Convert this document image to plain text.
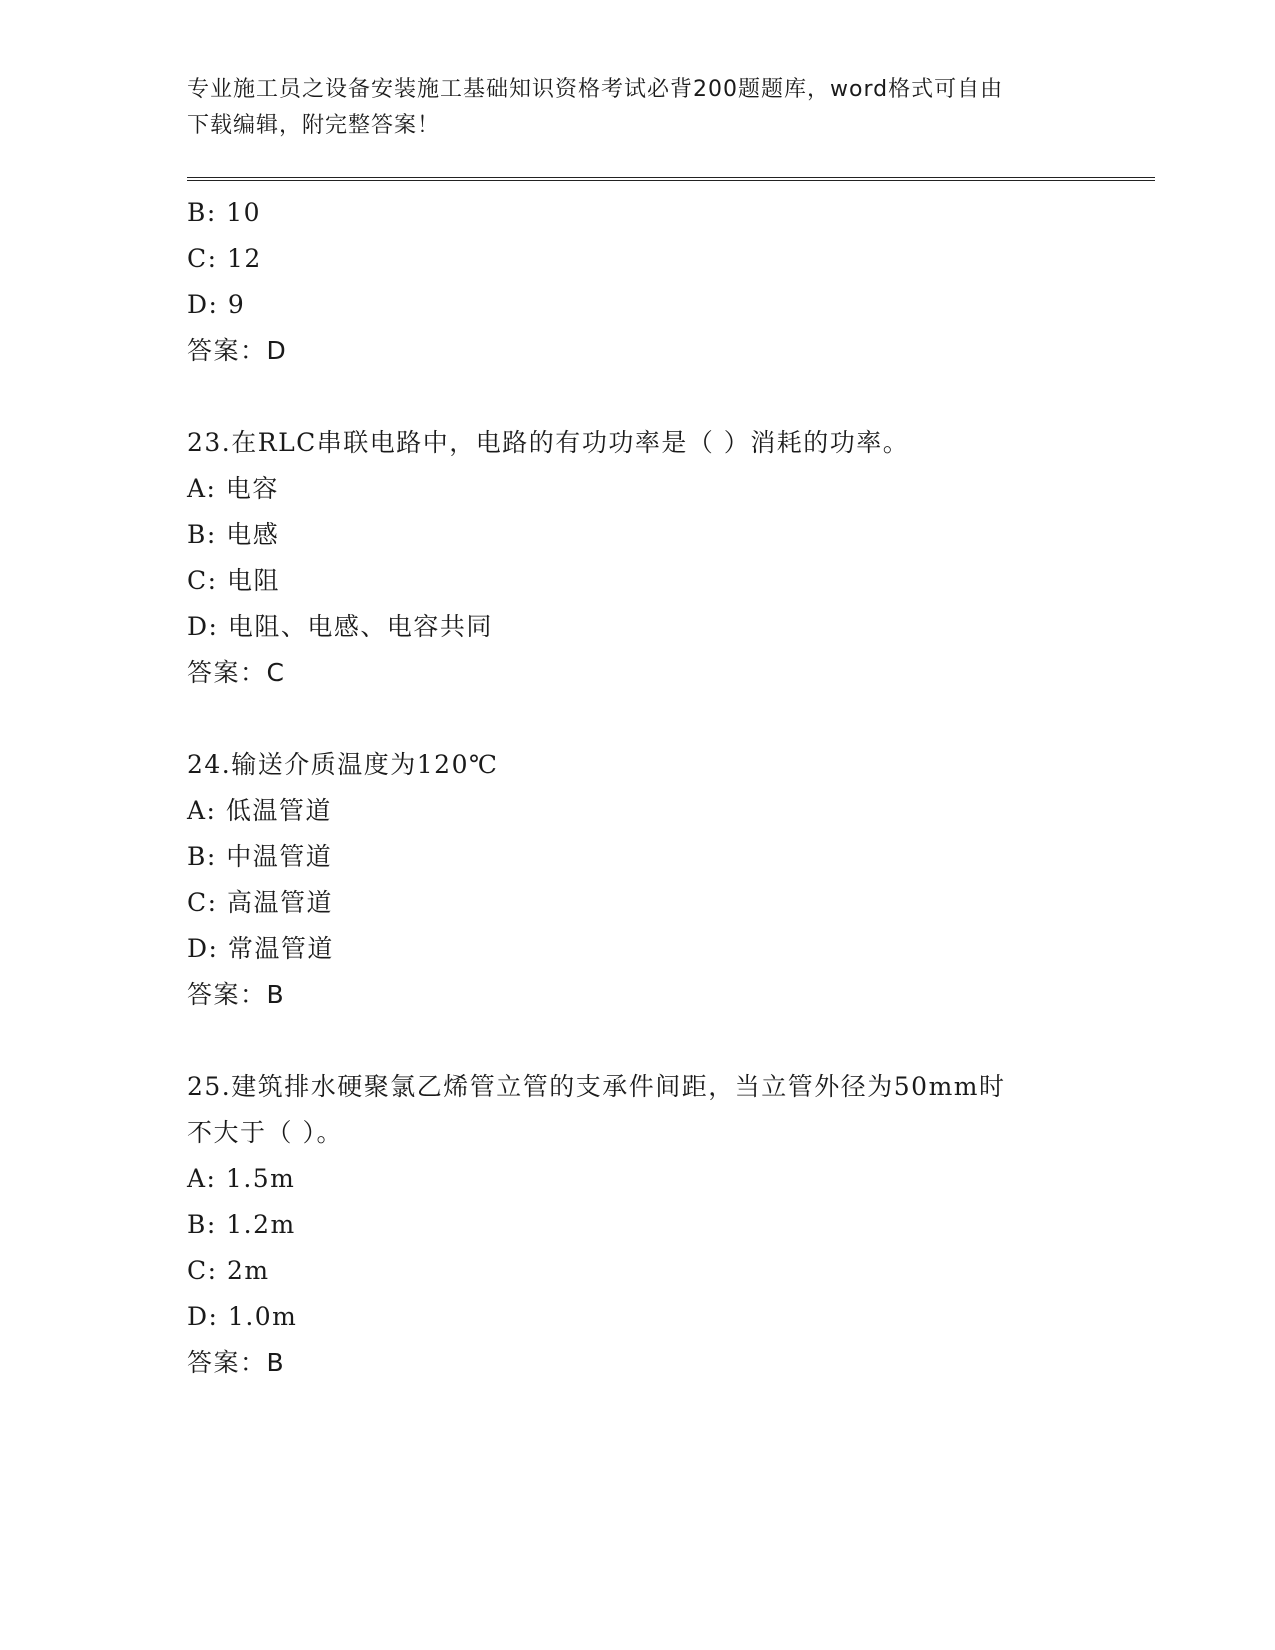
专业施工员之设备安装施工基础知识资格考试必背200题题库，word格式可自由
下载编辑，附完整答案！
B: 10
C: 12
D: 9
答案：D
23.在RLC串联电路中，电路的有功功率是（ ）消耗的功率。
A: 电容
B: 电感
C: 电阻
D: 电阻、电感、电容共同
答案：C
24.输送介质温度为120℃
A: 低温管道
B: 中温管道
C: 高温管道
D: 常温管道
答案：B
25.建筑排水硬聚氯乙烯管立管的支承件间距，当立管外径为50mm时
不大于（ ）。
A: 1.5m
B: 1.2m
C: 2m
D: 1.0m
答案：B
